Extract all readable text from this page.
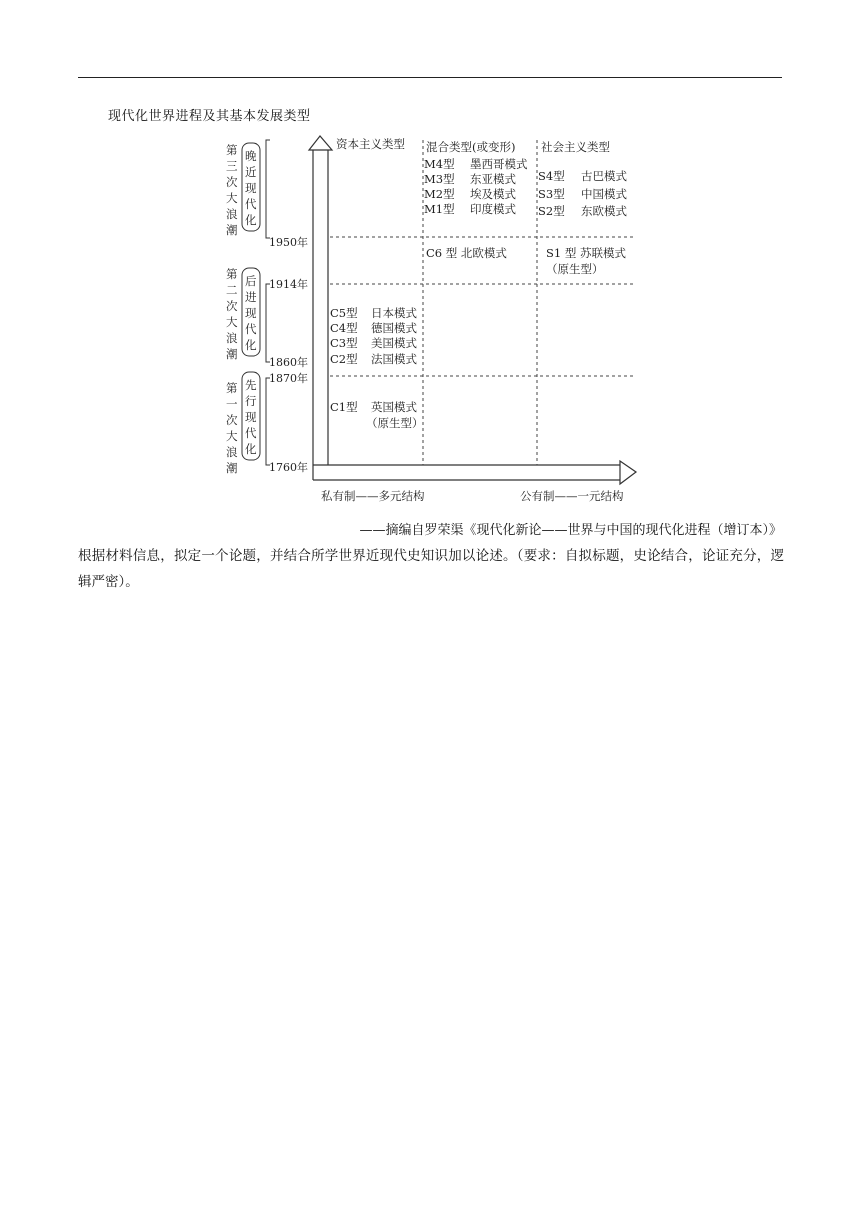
现代化世界进程及其基本发展类型
第
三
次
大
浪
潮
晚
近
现
代
化
第
二
次
大
浪
潮
后
进
现
代
化
第
一
次
大
浪
潮
先
行
现
代
化
1950年
1914年
1860年
1870年
1760年
资本主义类型 混合类型(或变形) 社会主义类型
M4型 墨西哥模式
M3型 东亚模式
M2型 埃及模式
M1型 印度模式
S4型 古巴模式
S3型 中国模式
S2型 东欧模式
C6 型 北欧模式	S1 型 苏联模式
（原生型）
C5型 日本模式
C4型 德国模式
C3型 美国模式
C2型 法国模式
C1型 英国模式
（原生型）
私有制——多元结构	公有制——一元结构
——摘编自罗荣渠《现代化新论——世界与中国的现代化进程（增订本）》
根据材料信息，拟定一个论题，并结合所学世界近现代史知识加以论述。（要求：自拟标题，史论结合，论证充分，逻辑严密）。
